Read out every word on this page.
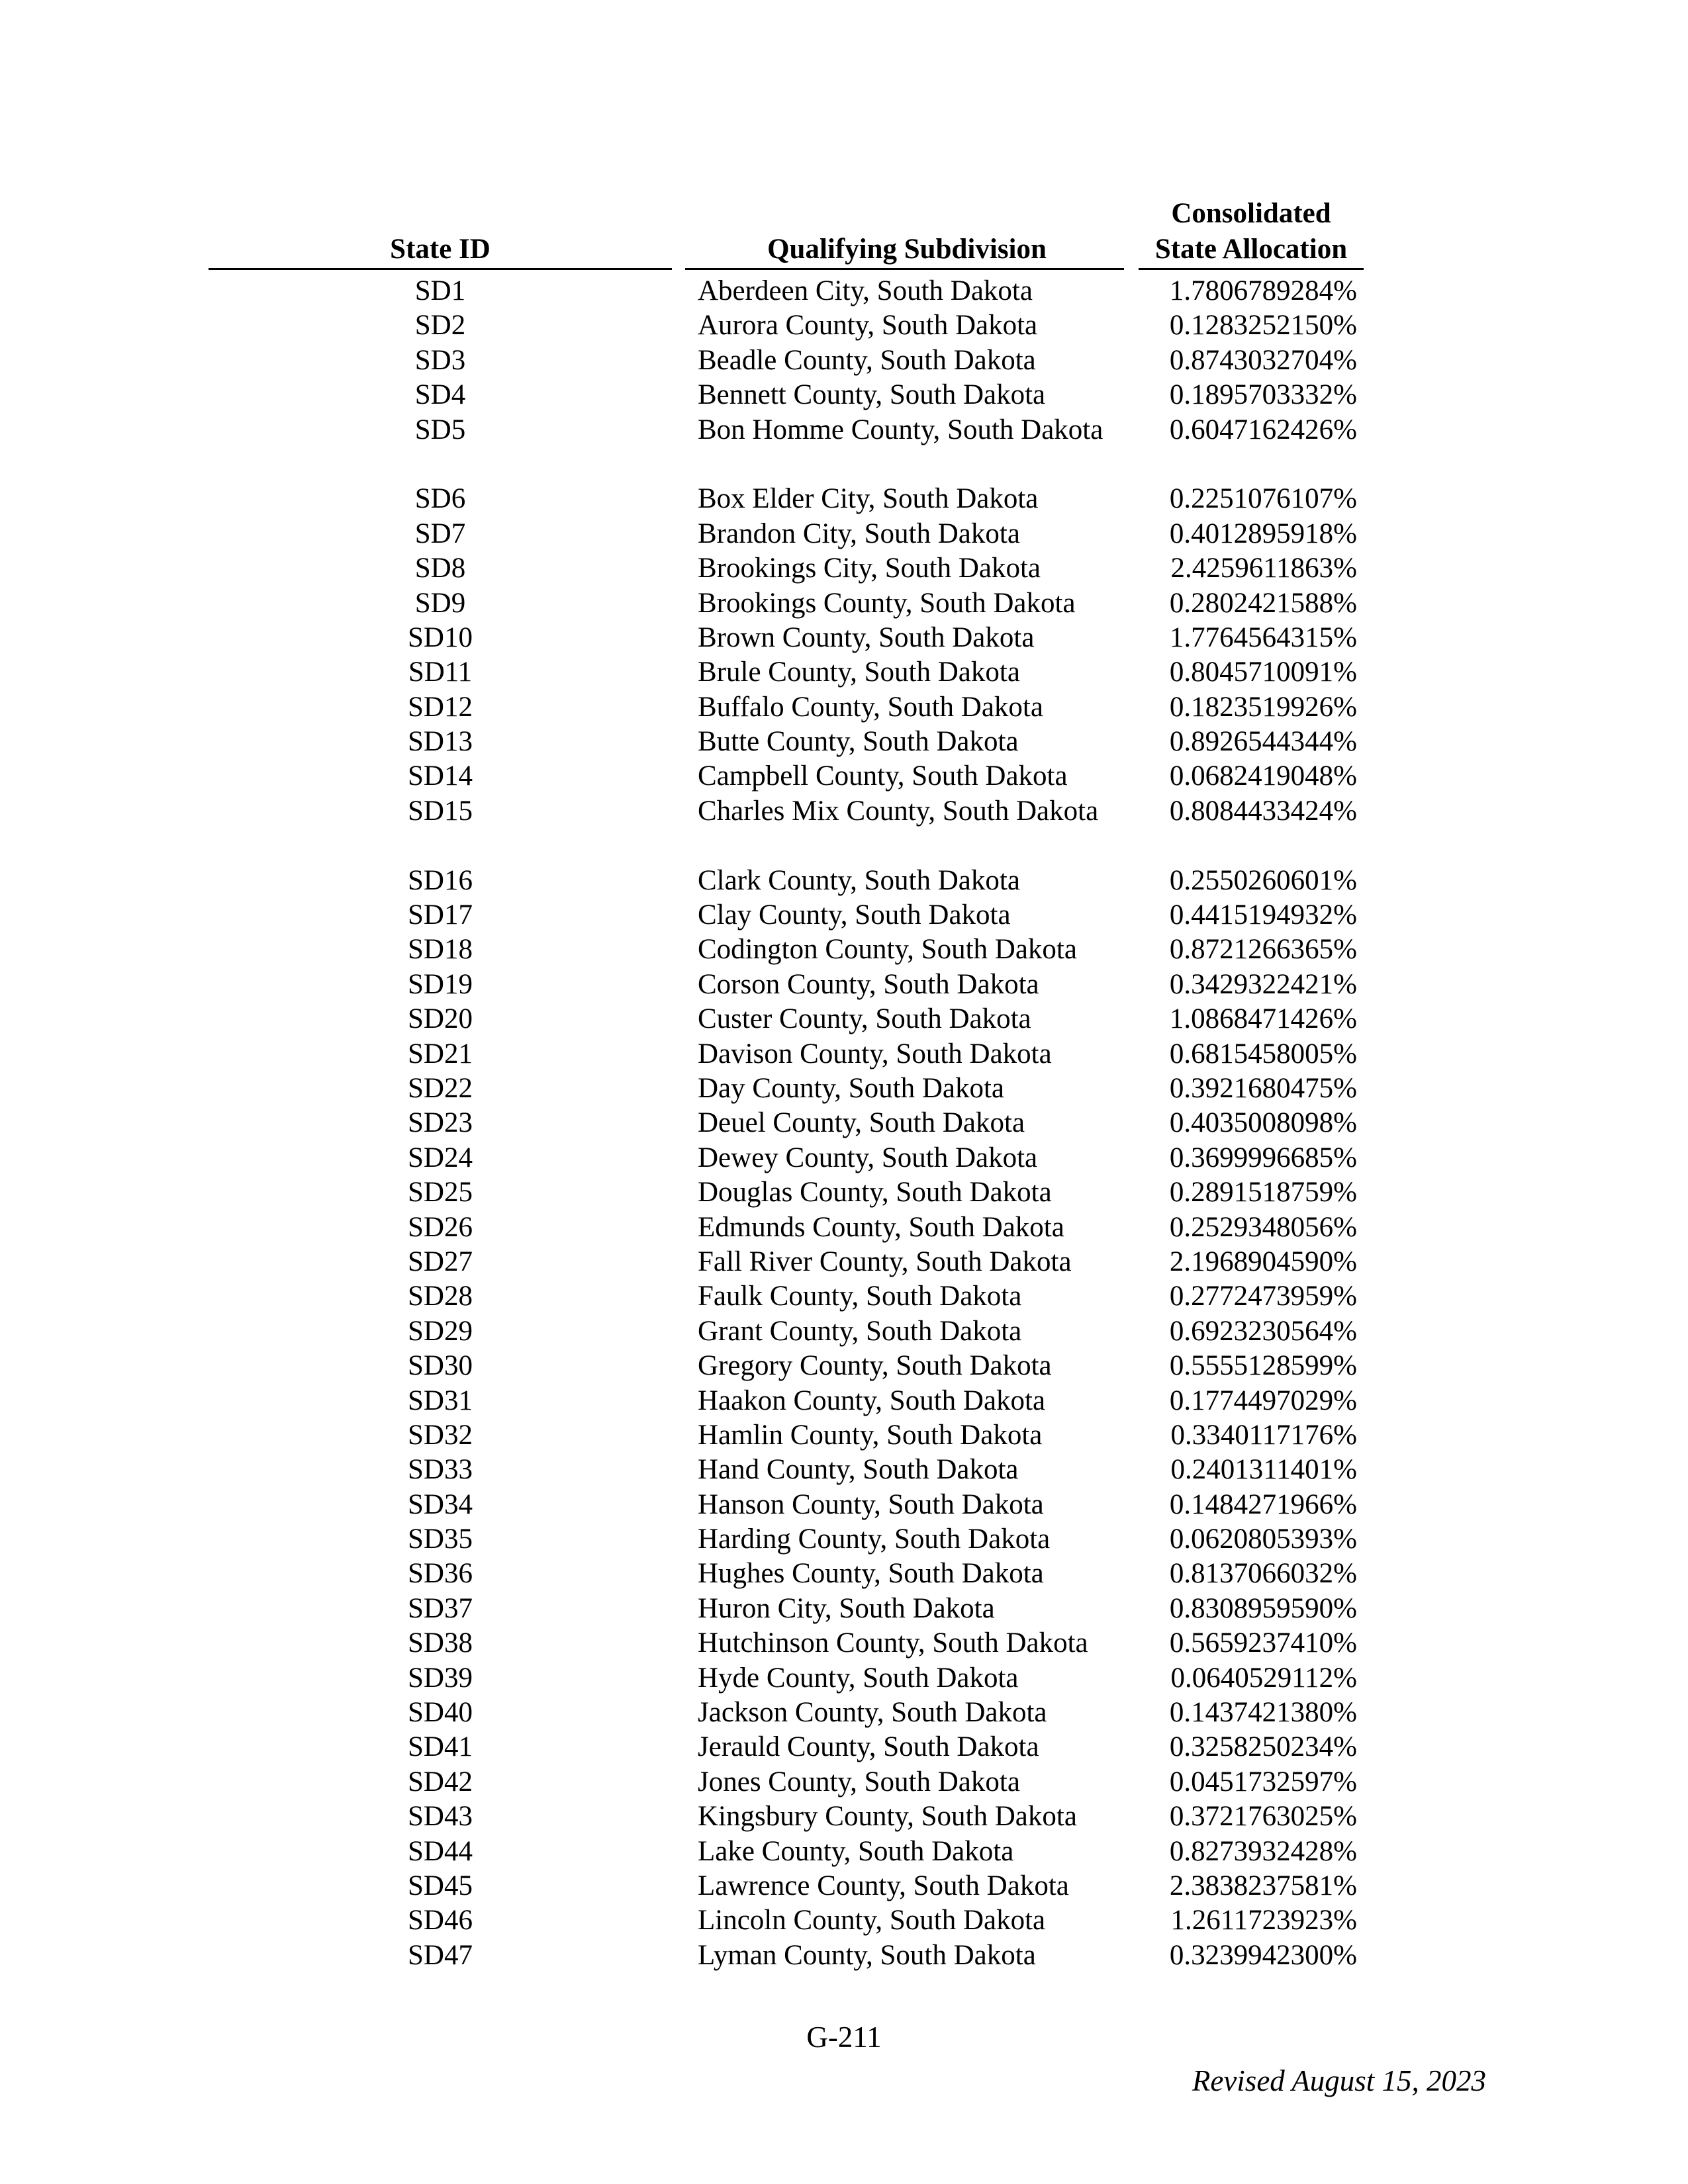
State ID	Qualifying Subdivision
Consolidated
State Allocation
SD1	Aberdeen City, South Dakota	1.7806789284%
SD2	Aurora County, South Dakota	0.1283252150%
SD3	Beadle County, South Dakota	0.8743032704%
SD4	Bennett County, South Dakota	0.1895703332%
SD5	Bon Homme County, South Dakota	0.6047162426%
SD6	Box Elder City, South Dakota	0.2251076107%
SD7	Brandon City, South Dakota	0.4012895918%
SD8	Brookings City, South Dakota	2.4259611863%
SD9	Brookings County, South Dakota	0.2802421588%
SD10	Brown County, South Dakota	1.7764564315%
SD11	Brule County, South Dakota	0.8045710091%
SD12	Buffalo County, South Dakota	0.1823519926%
SD13	Butte County, South Dakota	0.8926544344%
SD14	Campbell County, South Dakota	0.0682419048%
SD15	Charles Mix County, South Dakota	0.8084433424%
SD16	Clark County, South Dakota	0.2550260601%
SD17	Clay County, South Dakota	0.4415194932%
SD18	Codington County, South Dakota	0.8721266365%
SD19	Corson County, South Dakota	0.3429322421%
SD20	Custer County, South Dakota	1.0868471426%
SD21	Davison County, South Dakota	0.6815458005%
SD22	Day County, South Dakota	0.3921680475%
SD23	Deuel County, South Dakota	0.4035008098%
SD24	Dewey County, South Dakota	0.3699996685%
SD25	Douglas County, South Dakota	0.2891518759%
SD26	Edmunds County, South Dakota	0.2529348056%
SD27	Fall River County, South Dakota	2.1968904590%
SD28	Faulk County, South Dakota	0.2772473959%
SD29	Grant County, South Dakota	0.6923230564%
SD30	Gregory County, South Dakota	0.5555128599%
SD31	Haakon County, South Dakota	0.1774497029%
SD32	Hamlin County, South Dakota	0.3340117176%
SD33	Hand County, South Dakota	0.2401311401%
SD34	Hanson County, South Dakota	0.1484271966%
SD35	Harding County, South Dakota	0.0620805393%
SD36	Hughes County, South Dakota	0.8137066032%
SD37	Huron City, South Dakota	0.8308959590%
SD38	Hutchinson County, South Dakota	0.5659237410%
SD39	Hyde County, South Dakota	0.0640529112%
SD40	Jackson County, South Dakota	0.1437421380%
SD41	Jerauld County, South Dakota	0.3258250234%
SD42	Jones County, South Dakota	0.0451732597%
SD43	Kingsbury County, South Dakota	0.3721763025%
SD44	Lake County, South Dakota	0.8273932428%
SD45	Lawrence County, South Dakota	2.3838237581%
SD46	Lincoln County, South Dakota	1.2611723923%
SD47	Lyman County, South Dakota	0.3239942300%
G-211
Revised August 15, 2023
